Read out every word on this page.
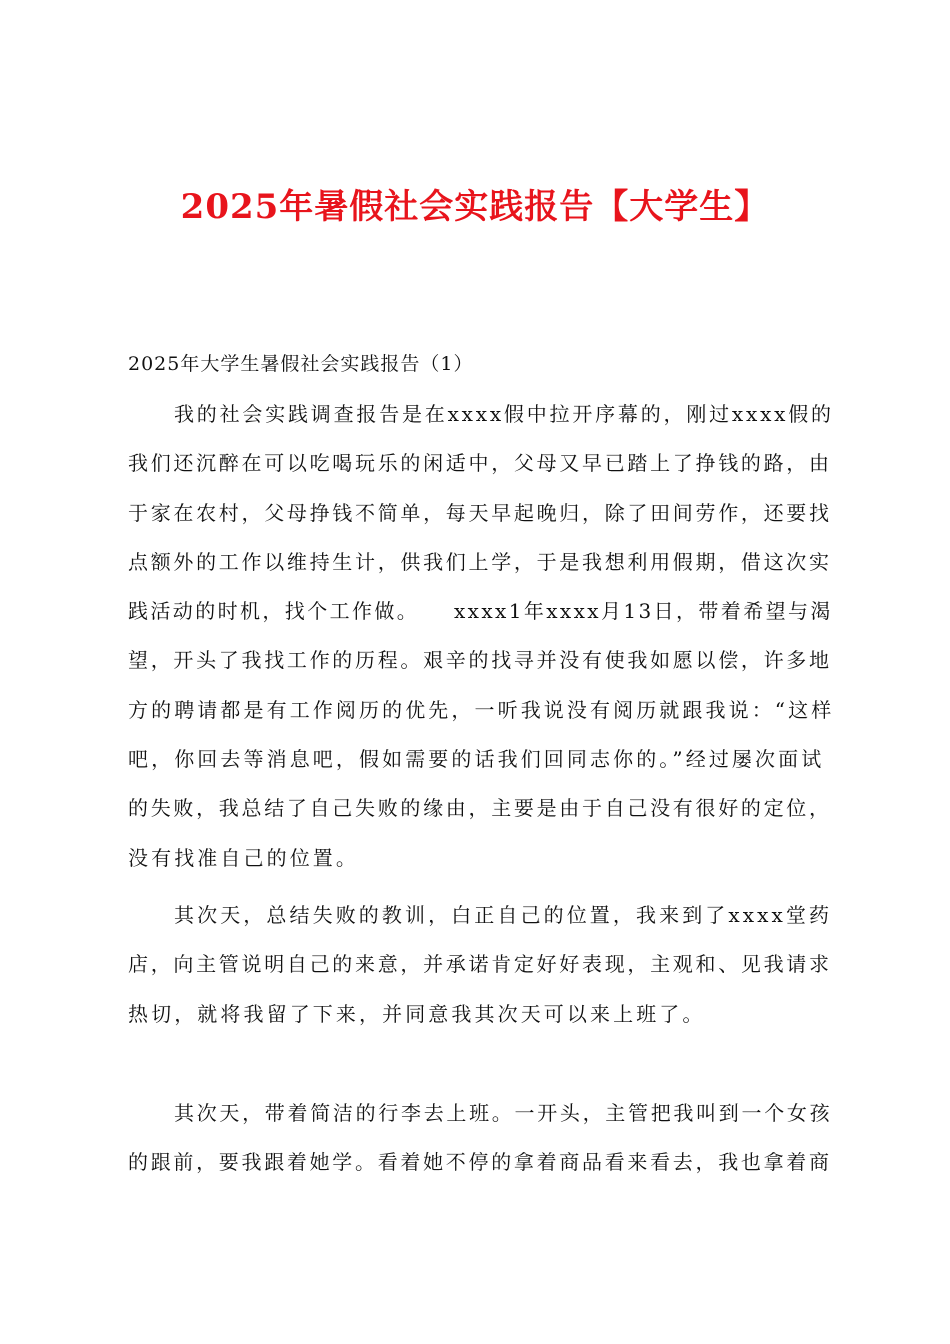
2025年暑假社会实践报告【大学生】
2025年大学生暑假社会实践报告（1）
我的社会实践调查报告是在xxxx假中拉开序幕的，刚过xxxx假的
我们还沉醉在可以吃喝玩乐的闲适中，父母又早已踏上了挣钱的路，由
于家在农村，父母挣钱不简单，每天早起晚归，除了田间劳作，还要找
点额外的工作以维持生计，供我们上学，于是我想利用假期，借这次实
践活动的时机，找个工作做。　　xxxx1年xxxx月13日，带着希望与渴
望，开头了我找工作的历程。艰辛的找寻并没有使我如愿以偿，许多地
方的聘请都是有工作阅历的优先，一听我说没有阅历就跟我说：“这样
吧，你回去等消息吧，假如需要的话我们回同志你的。”经过屡次面试
的失败，我总结了自己失败的缘由，主要是由于自己没有很好的定位，
没有找准自己的位置。
其次天，总结失败的教训，白正自己的位置，我来到了xxxx堂药
店，向主管说明自己的来意，并承诺肯定好好表现，主观和、见我请求
热切，就将我留了下来，并同意我其次天可以来上班了。
其次天，带着简洁的行李去上班。一开头，主管把我叫到一个女孩
的跟前，要我跟着她学。看着她不停的拿着商品看来看去，我也拿着商
